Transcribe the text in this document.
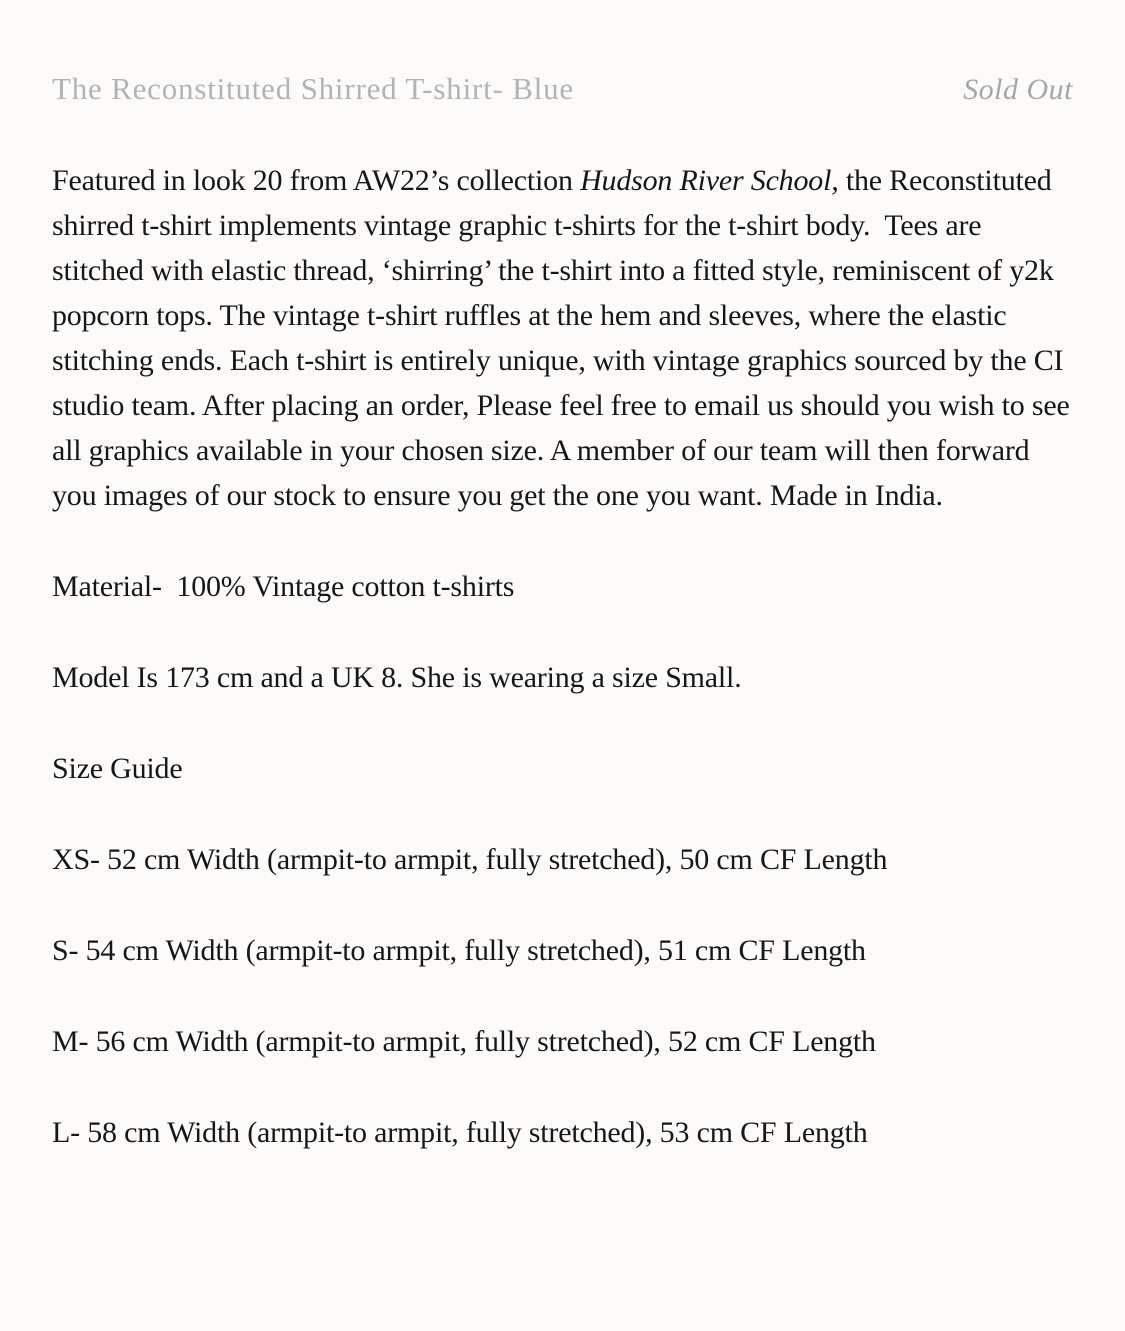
The Reconstituted Shirred T-shirt- Blue	Sold Out

Featured in look 20 from AW22’s collection Hudson River School, the Reconstituted shirred t-shirt implements vintage graphic t-shirts for the t-shirt body.  Tees are stitched with elastic thread, ‘shirring’ the t-shirt into a fitted style, reminiscent of y2k popcorn tops. The vintage t-shirt ruffles at the hem and sleeves, where the elastic stitching ends. Each t-shirt is entirely unique, with vintage graphics sourced by the CI studio team. After placing an order, Please feel free to email us should you wish to see all graphics available in your chosen size. A member of our team will then forward you images of our stock to ensure you get the one you want. Made in India.

Material-  100% Vintage cotton t-shirts

Model Is 173 cm and a UK 8. She is wearing a size Small.

Size Guide

XS- 52 cm Width (armpit-to armpit, fully stretched), 50 cm CF Length

S- 54 cm Width (armpit-to armpit, fully stretched), 51 cm CF Length

M- 56 cm Width (armpit-to armpit, fully stretched), 52 cm CF Length

L- 58 cm Width (armpit-to armpit, fully stretched), 53 cm CF Length
